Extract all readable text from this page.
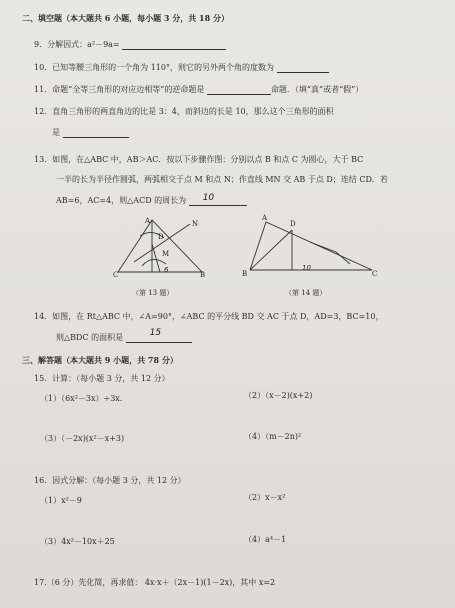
二、填空题（本大题共 6 小题，每小题 3 分，共 18 分）
9．分解因式：a²－9a=
10．已知等腰三角形的一个角为 110°，则它的另外两个角的度数为
11．命题“全等三角形的对应边相等”的逆命题是	命题．（填“真”或者“假”）
12．直角三角形的两直角边的比是 3：4，而斜边的长是 10，那么这个三角形的面积
是
13．如图，在△ABC 中，AB＞AC．按以下步骤作图：分别以点 B 和点 C 为圆心，大于 BC
一半的长为半径作圆弧，两弧相交于点 M 和点 N；作直线 MN 交 AB 于点 D；连结 CD．若
AB=6，AC=4，则△ACD 的周长为 10
A
C	B
N
M
D
6
A
D
B	C
10
（第 13 题）	（第 14 题）
14．如图，在 Rt△ABC 中，∠A=90°，∠ABC 的平分线 BD 交 AC 于点 D，AD=3，BC=10，
则△BDC 的面积是	15
三、解答题（本大题共 9 小题，共 78 分）
15．计算：（每小题 3 分，共 12 分）
（1）（6x²－3x）÷3x.	（2）（x－2)(x+2)
（3）（－2x)(x²－x+3)	（4）（m－2n)²
16．因式分解：（每小题 3 分，共 12 分）
（1）x²－9	（2）x－x²
（3）4x²－10x＋25	（4）a⁴－1
17.（6 分）先化简，再求值： 4x·x＋（2x－1)(1－2x)，其中 x=2
